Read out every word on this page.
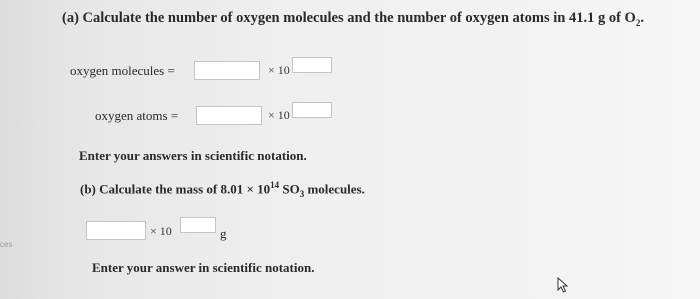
(a) Calculate the number of oxygen molecules and the number of oxygen atoms in 41.1 g of $O_2$.
oxygen molecules =	× 10
oxygen atoms =	× 10
Enter your answers in scientific notation.
(b) Calculate the mass of $8.01 \times 10^{14}$ $SO_3$ molecules.
× 10	g
Enter your answer in scientific notation.
ces
